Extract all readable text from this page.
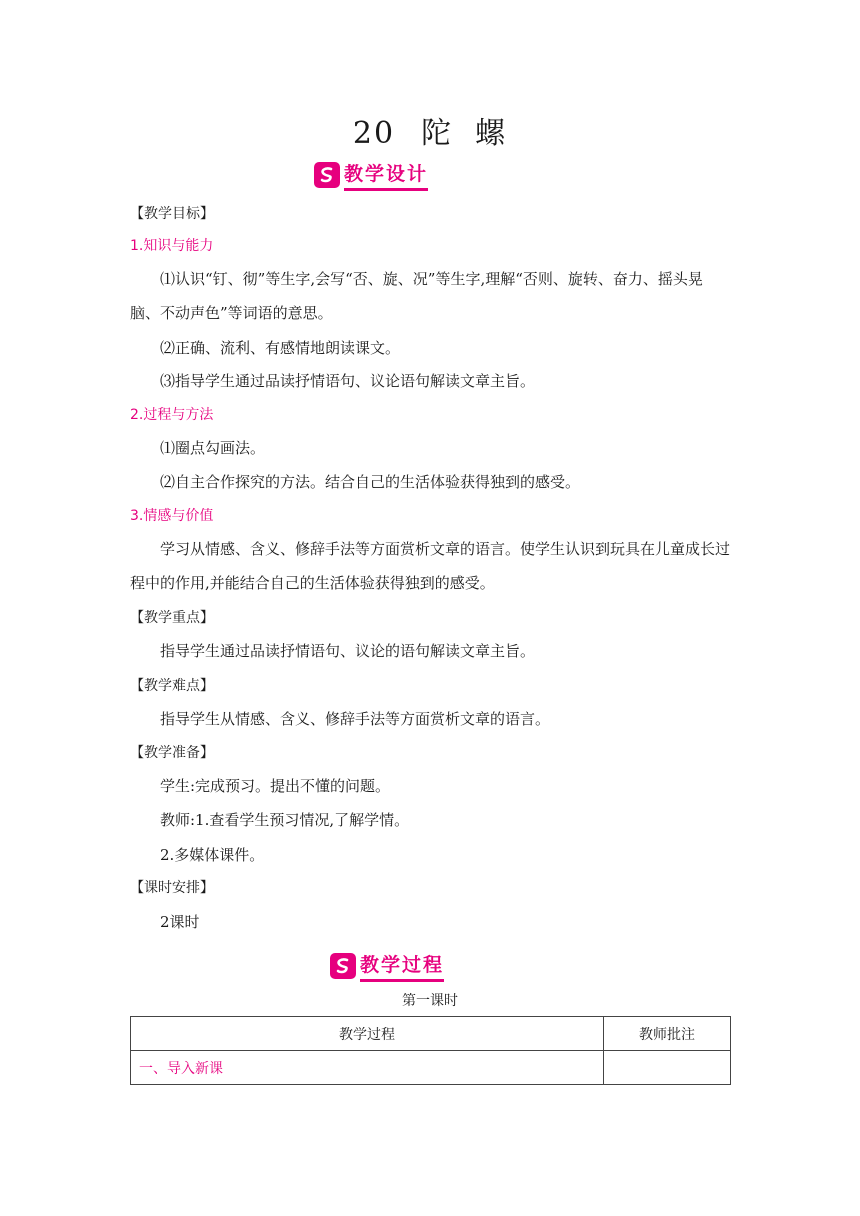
20 陀 螺
教学设计
【教学目标】
1.知识与能力
⑴认识“钉、彻”等生字,会写“否、旋、况”等生字,理解“否则、旋转、奋力、摇头晃脑、不动声色”等词语的意思。
⑵正确、流利、有感情地朗读课文。
⑶指导学生通过品读抒情语句、议论语句解读文章主旨。
2.过程与方法
⑴圈点勾画法。
⑵自主合作探究的方法。结合自己的生活体验获得独到的感受。
3.情感与价值
学习从情感、含义、修辞手法等方面赏析文章的语言。使学生认识到玩具在儿童成长过程中的作用,并能结合自己的生活体验获得独到的感受。
【教学重点】
指导学生通过品读抒情语句、议论的语句解读文章主旨。
【教学难点】
指导学生从情感、含义、修辞手法等方面赏析文章的语言。
【教学准备】
学生:完成预习。提出不懂的问题。
教师:1.查看学生预习情况,了解学情。
2.多媒体课件。
【课时安排】
2课时
教学过程
第一课时
教学过程	教师批注
一、导入新课	
